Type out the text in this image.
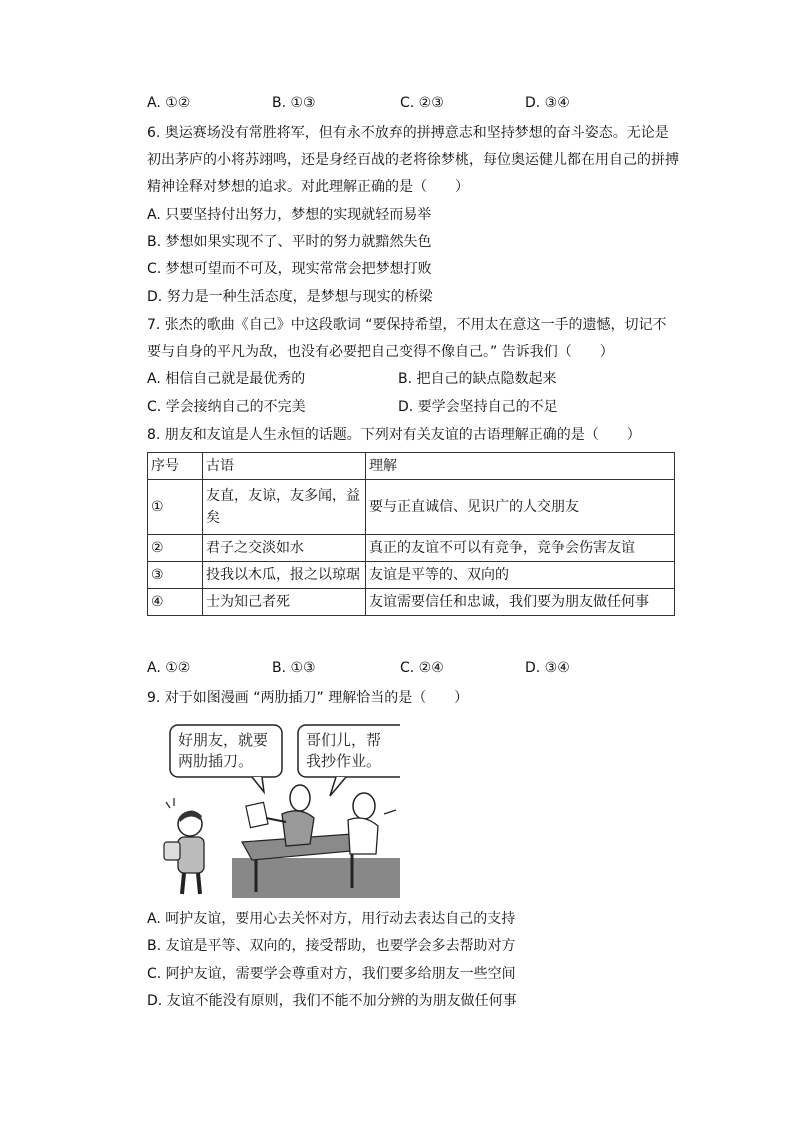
A. ①②	B. ①③	C. ②③	D. ③④
6. 奥运赛场没有常胜将军，但有永不放弃的拼搏意志和坚持梦想的奋斗姿态。无论是
初出茅庐的小将苏翊鸣，还是身经百战的老将徐梦桃，每位奥运健儿都在用自己的拼搏
精神诠释对梦想的追求。对此理解正确的是（　　）
A. 只要坚持付出努力，梦想的实现就轻而易举
B. 梦想如果实现不了、平时的努力就黯然失色
C. 梦想可望而不可及，现实常常会把梦想打败
D. 努力是一种生活态度，是梦想与现实的桥梁
7. 张杰的歌曲《自己》中这段歌词 “要保持希望，不用太在意这一手的遗憾，切记不
要与自身的平凡为敌，也没有必要把自己变得不像自己。” 告诉我们（　　）
A. 相信自己就是最优秀的	B. 把自己的缺点隐数起来
C. 学会接纳自己的不完美	D. 要学会坚持自己的不足
8. 朋友和友谊是人生永恒的话题。下列对有关友谊的古语理解正确的是（　　）
序号	古语	理解
①	友直，友谅，友多闻，益矣	要与正直诚信、见识广的人交朋友
②	君子之交淡如水	真正的友谊不可以有竞争，竞争会伤害友谊
③	投我以木瓜，报之以琼琚	友谊是平等的、双向的
④	士为知己者死	友谊需要信任和忠诚，我们要为朋友做任何事
A. ①②	B. ①③	C. ②④	D. ③④
9. 对于如图漫画 “两肋插刀” 理解恰当的是（　　）
好朋友，就要
两肋插刀。
哥们儿，帮
我抄作业。
A. 呵护友谊，要用心去关怀对方，用行动去表达自己的支持
B. 友谊是平等、双向的，接受帮助，也要学会多去帮助对方
C. 阿护友谊，需要学会尊重对方，我们要多给朋友一些空间
D. 友谊不能没有原则，我们不能不加分辨的为朋友做任何事
